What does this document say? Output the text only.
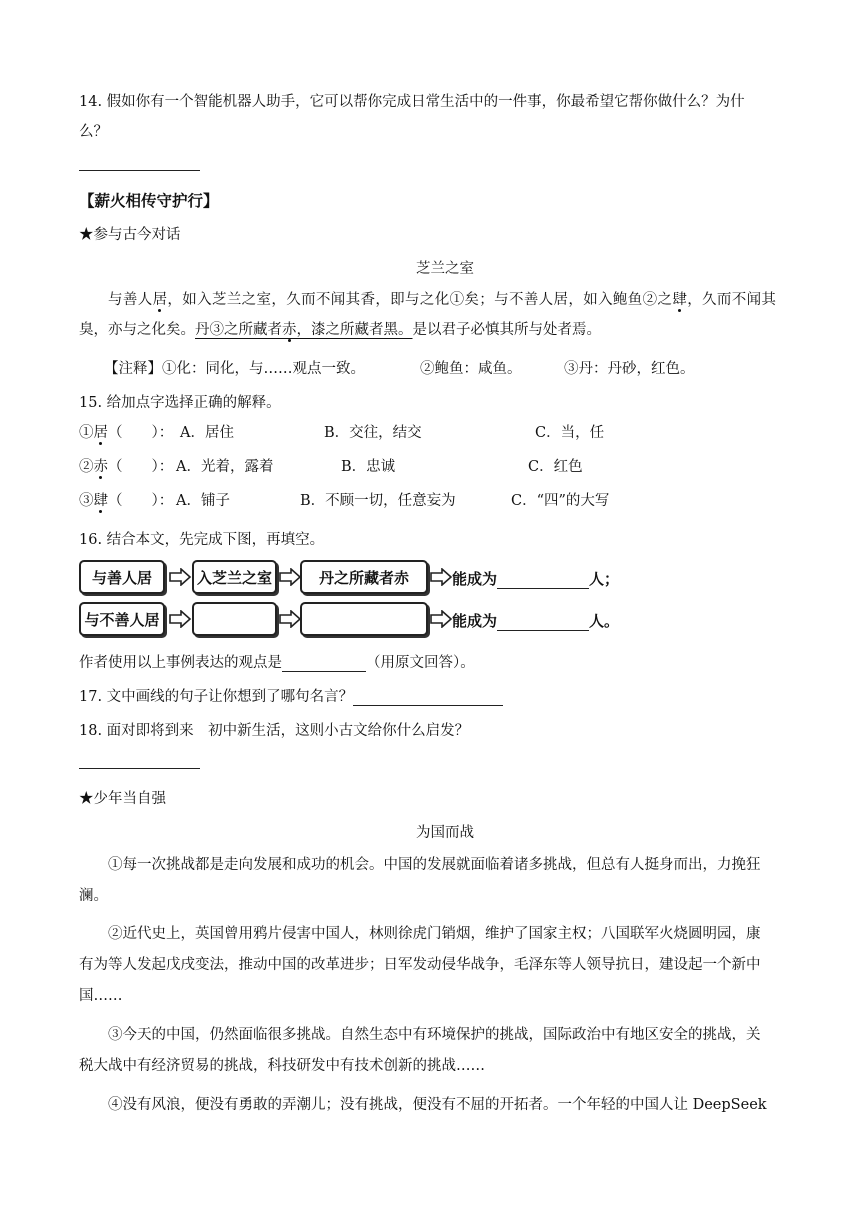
14. 假如你有一个智能机器人助手，它可以帮你完成日常生活中的一件事，你最希望它帮你做什么？为什
么？
【薪火相传守护行】
★参与古今对话
芝兰之室
与善人居，如入芝兰之室，久而不闻其香，即与之化①矣；与不善人居，如入鲍鱼②之肆，久而不闻其
臭，亦与之化矣。丹③之所藏者赤，漆之所藏者黑。是以君子必慎其所与处者焉。
【注释】①化：同化，与……观点一致。	②鲍鱼：咸鱼。	③丹：丹砂，红色。
15. 给加点字选择正确的解释。
①居（　　）： A．居住	B．交往，结交	C．当，任
②赤（　　）： A．光着，露着	B．忠诚	C．红色
③肆（　　）： A．铺子	B．不顾一切，任意妄为	C．“四”的大写
16. 结合本文，先完成下图，再填空。
与善人居	入芝兰之室	丹之所藏者赤	能成为	人；
与不善人居	能成为	人。
作者使用以上事例表达的观点是	（用原文回答）。
17. 文中画线的句子让你想到了哪句名言？
18. 面对即将到来　初中新生活，这则小古文给你什么启发？
★少年当自强
为国而战
①每一次挑战都是走向发展和成功的机会。中国的发展就面临着诸多挑战，但总有人挺身而出，力挽狂
澜。
②近代史上，英国曾用鸦片侵害中国人，林则徐虎门销烟，维护了国家主权；八国联军火烧圆明园，康
有为等人发起戊戌变法，推动中国的改革进步；日军发动侵华战争，毛泽东等人领导抗日，建设起一个新中
国……
③今天的中国，仍然面临很多挑战。自然生态中有环境保护的挑战，国际政治中有地区安全的挑战，关
税大战中有经济贸易的挑战，科技研发中有技术创新的挑战……
④没有风浪，便没有勇敢的弄潮儿；没有挑战，便没有不屈的开拓者。一个年轻的中国人让 DeepSeek
